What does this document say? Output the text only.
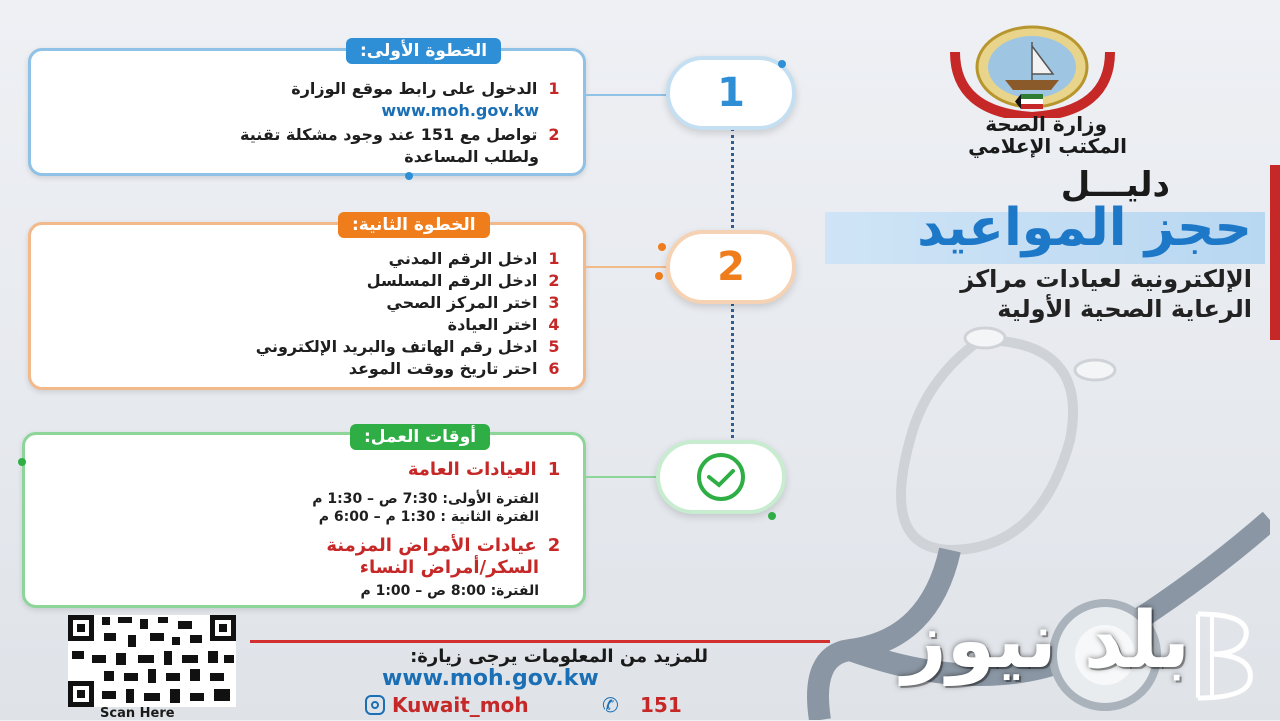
وزارة الصحة
المكتب الإعلامي
دليـــل
حجز المواعيد
الإلكترونية لعيادات مراكز
الرعاية الصحية الأولية
1 الدخول على رابط موقع الوزارة
www.moh.gov.kw
2 تواصل مع 151 عند وجود مشكلة تقنية
ولطلب المساعدة
الخطوة الأولى:
1
1 ادخل الرقم المدني
2 ادخل الرقم المسلسل
3 اختر المركز الصحي
4 اختر العيادة
5 ادخل رقم الهاتف والبريد الإلكتروني
6 احتر تاريخ ووقت الموعد
الخطوة الثانية:
2
1 العيادات العامة
الفترة الأولى: 7:30 ص – 1:30 م
الفترة الثانية : 1:30 م – 6:00 م
2 عيادات الأمراض المزمنة
السكر/أمراض النساء
الفترة: 8:00 ص – 1:00 م
أوقات العمل:
Scan Here
للمزيد من المعلومات يرجى زيارة:
www.moh.gov.kw
Kuwait_moh	✆ 151
بلد نيوز
